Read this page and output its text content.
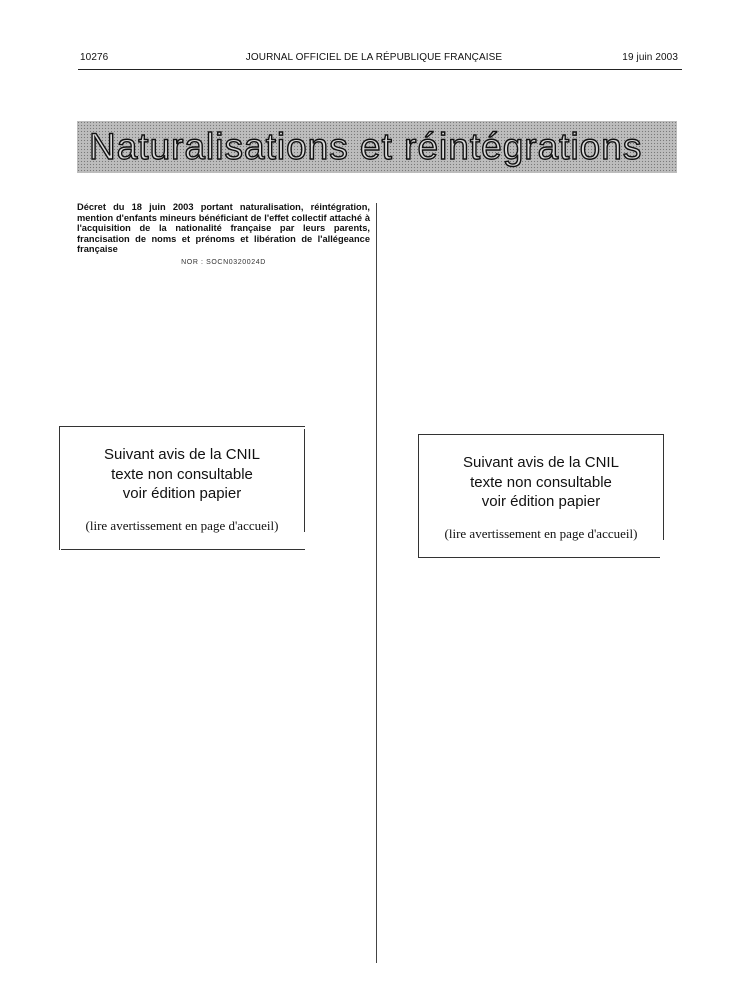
10276	JOURNAL OFFICIEL DE LA RÉPUBLIQUE FRANÇAISE	19 juin 2003
Naturalisations et réintégrations
Décret du 18 juin 2003 portant naturalisation, réintégration, mention d'enfants mineurs bénéficiant de l'effet collectif attaché à l'acquisition de la nationalité française par leurs parents, francisation de noms et prénoms et libération de l'allégeance française
NOR : SOCN0320024D
Suivant avis de la CNIL
texte non consultable
voir édition papier
(lire avertissement en page d'accueil)
Suivant avis de la CNIL
texte non consultable
voir édition papier
(lire avertissement en page d'accueil)
